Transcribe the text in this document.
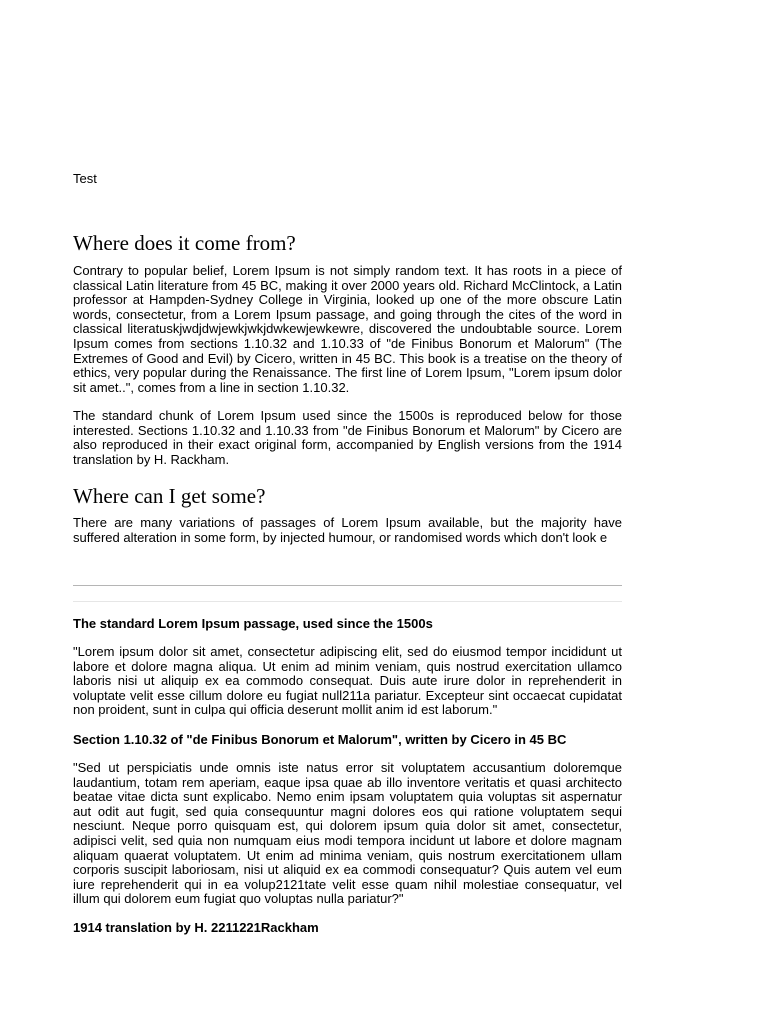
Test
Where does it come from?

Contrary to popular belief, Lorem Ipsum is not simply random text. It has roots in a piece of classical Latin literature from 45 BC, making it over 2000 years old. Richard McClintock, a Latin professor at Hampden-Sydney College in Virginia, looked up one of the more obscure Latin words, consectetur, from a Lorem Ipsum passage, and going through the cites of the word in classical literatuskjwdjdwjewkjwkjdwkewjewkewre, discovered the undoubtable source. Lorem Ipsum comes from sections 1.10.32 and 1.10.33 of "de Finibus Bonorum et Malorum" (The Extremes of Good and Evil) by Cicero, written in 45 BC. This book is a treatise on the theory of ethics, very popular during the Renaissance. The first line of Lorem Ipsum, "Lorem ipsum dolor sit amet..", comes from a line in section 1.10.32.

The standard chunk of Lorem Ipsum used since the 1500s is reproduced below for those interested. Sections 1.10.32 and 1.10.33 from "de Finibus Bonorum et Malorum" by Cicero are also reproduced in their exact original form, accompanied by English versions from the 1914 translation by H. Rackham.

Where can I get some?

There are many variations of passages of Lorem Ipsum available, but the majority have suffered alteration in some form, by injected humour, or randomised words which don't look e

The standard Lorem Ipsum passage, used since the 1500s

"Lorem ipsum dolor sit amet, consectetur adipiscing elit, sed do eiusmod tempor incididunt ut labore et dolore magna aliqua. Ut enim ad minim veniam, quis nostrud exercitation ullamco laboris nisi ut aliquip ex ea commodo consequat. Duis aute irure dolor in reprehenderit in voluptate velit esse cillum dolore eu fugiat null211a pariatur. Excepteur sint occaecat cupidatat non proident, sunt in culpa qui officia deserunt mollit anim id est laborum."

Section 1.10.32 of "de Finibus Bonorum et Malorum", written by Cicero in 45 BC

"Sed ut perspiciatis unde omnis iste natus error sit voluptatem accusantium doloremque laudantium, totam rem aperiam, eaque ipsa quae ab illo inventore veritatis et quasi architecto beatae vitae dicta sunt explicabo. Nemo enim ipsam voluptatem quia voluptas sit aspernatur aut odit aut fugit, sed quia consequuntur magni dolores eos qui ratione voluptatem sequi nesciunt. Neque porro quisquam est, qui dolorem ipsum quia dolor sit amet, consectetur, adipisci velit, sed quia non numquam eius modi tempora incidunt ut labore et dolore magnam aliquam quaerat voluptatem. Ut enim ad minima veniam, quis nostrum exercitationem ullam corporis suscipit laboriosam, nisi ut aliquid ex ea commodi consequatur? Quis autem vel eum iure reprehenderit qui in ea volup2121tate velit esse quam nihil molestiae consequatur, vel illum qui dolorem eum fugiat quo voluptas nulla pariatur?"

1914 translation by H. 2211221Rackham
